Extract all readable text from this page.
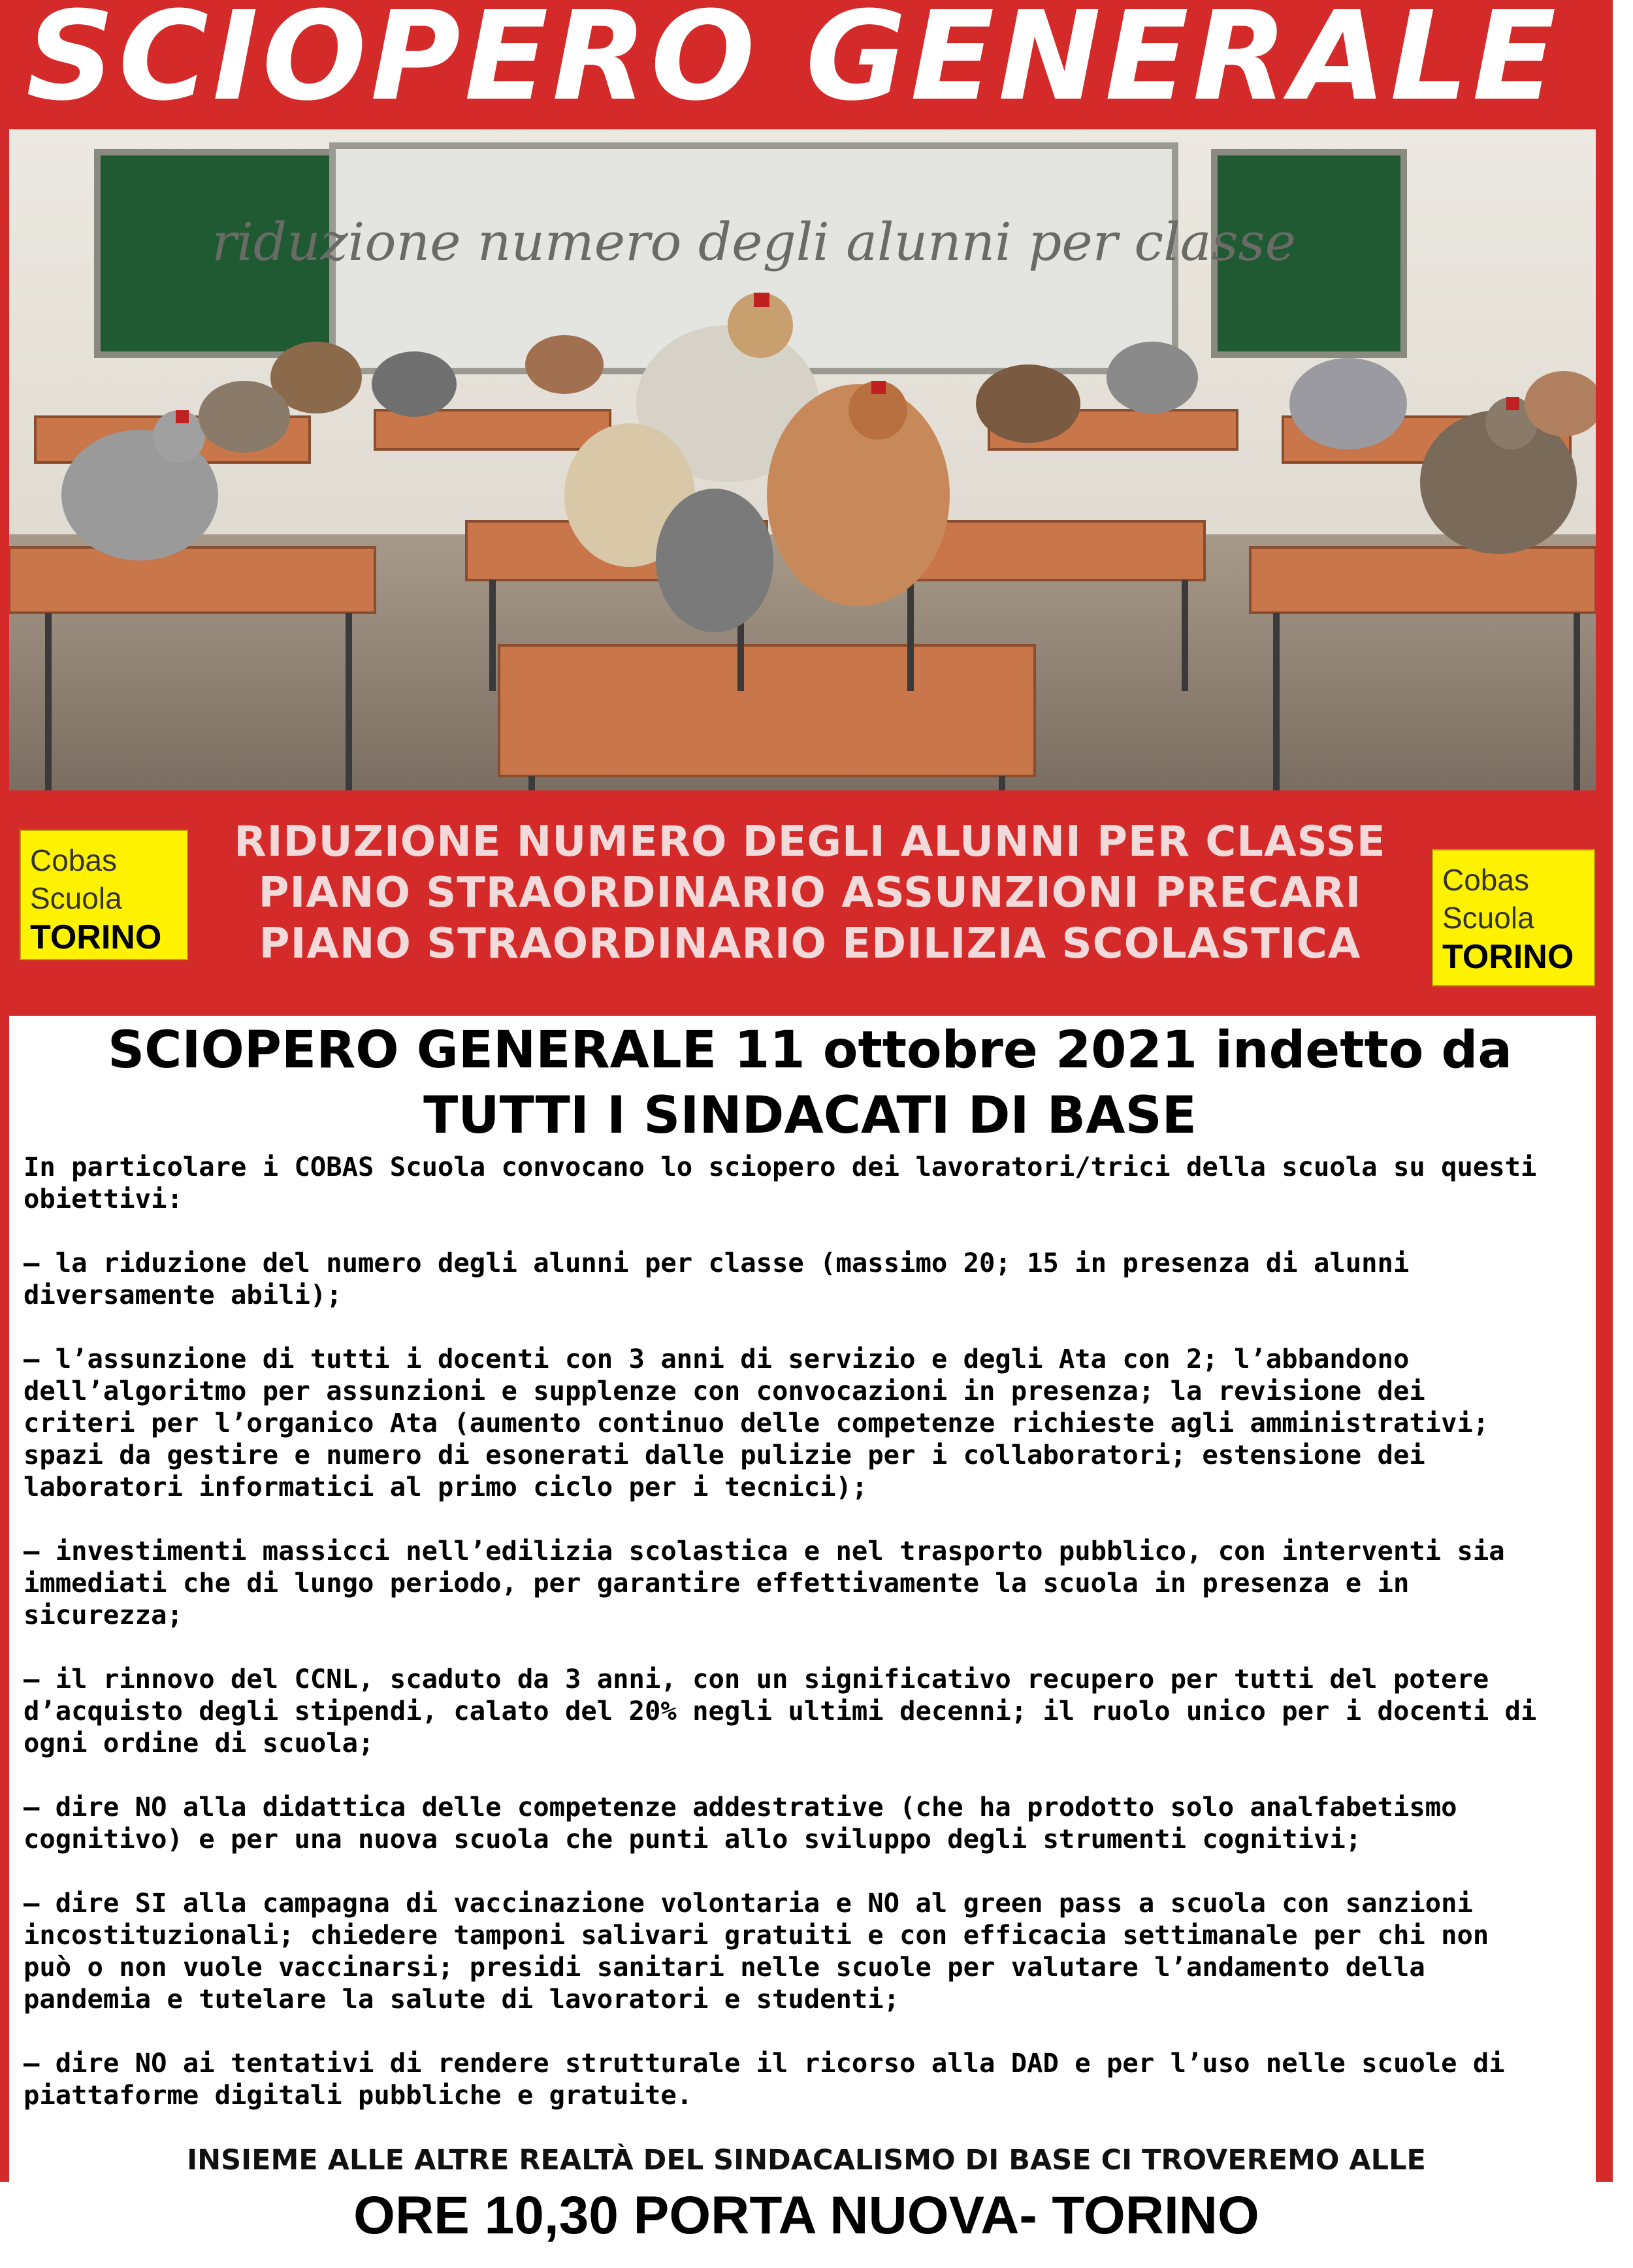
SCIOPERO GENERALE
riduzione numero degli alunni per classe
RIDUZIONE NUMERO DEGLI ALUNNI PER CLASSE
PIANO STRAORDINARIO ASSUNZIONI PRECARI
PIANO STRAORDINARIO EDILIZIA SCOLASTICA
Cobas
Scuola
TORINO
Cobas
Scuola
TORINO
SCIOPERO GENERALE 11 ottobre 2021 indetto da
TUTTI I SINDACATI DI BASE

In particolare i COBAS Scuola convocano lo sciopero dei lavoratori/trici della scuola su questi
obiettivi:

– la riduzione del numero degli alunni per classe (massimo 20; 15 in presenza di alunni
diversamente abili);

– l’assunzione di tutti i docenti con 3 anni di servizio e degli Ata con 2; l’abbandono
dell’algoritmo per assunzioni e supplenze con convocazioni in presenza; la revisione dei
criteri per l’organico Ata (aumento continuo delle competenze richieste agli amministrativi;
spazi da gestire e numero di esonerati dalle pulizie per i collaboratori; estensione dei
laboratori informatici al primo ciclo per i tecnici);

– investimenti massicci nell’edilizia scolastica e nel trasporto pubblico, con interventi sia
immediati che di lungo periodo, per garantire effettivamente la scuola in presenza e in
sicurezza;

– il rinnovo del CCNL, scaduto da 3 anni, con un significativo recupero per tutti del potere
d’acquisto degli stipendi, calato del 20% negli ultimi decenni; il ruolo unico per i docenti di
ogni ordine di scuola;

– dire NO alla didattica delle competenze addestrative (che ha prodotto solo analfabetismo
cognitivo) e per una nuova scuola che punti allo sviluppo degli strumenti cognitivi;

– dire SI alla campagna di vaccinazione volontaria e NO al green pass a scuola con sanzioni
incostituzionali; chiedere tamponi salivari gratuiti e con efficacia settimanale per chi non
può o non vuole vaccinarsi; presidi sanitari nelle scuole per valutare l’andamento della
pandemia e tutelare la salute di lavoratori e studenti;

– dire NO ai tentativi di rendere strutturale il ricorso alla DAD e per l’uso nelle scuole di
piattaforme digitali pubbliche e gratuite.

INSIEME ALLE ALTRE REALTÀ DEL SINDACALISMO DI BASE CI TROVEREMO ALLE
ORE 10,30 PORTA NUOVA- TORINO
